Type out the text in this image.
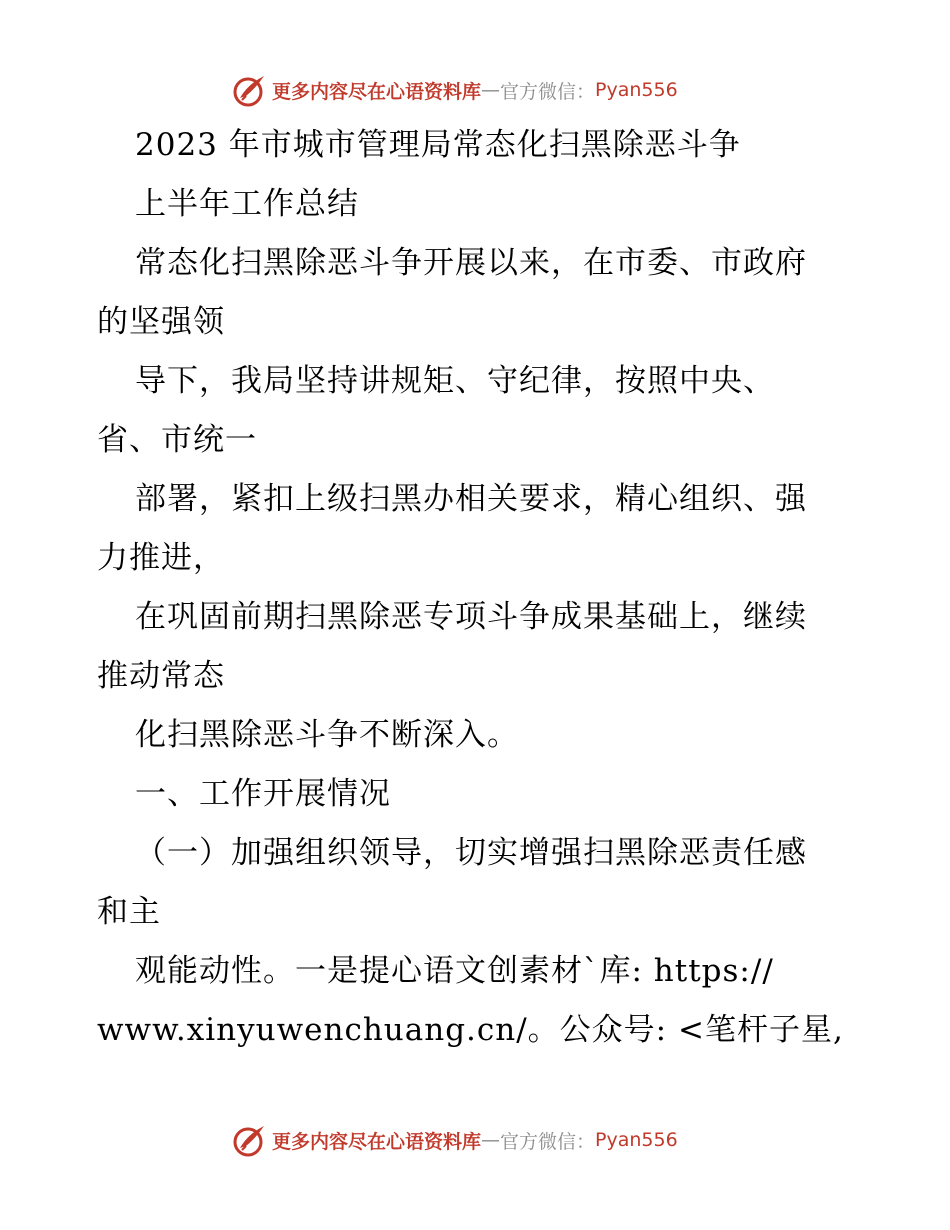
更多内容尽在心语资料库 — 官方微信： Pyan556
2023 年市城市管理局常态化扫黑除恶斗争
上半年工作总结
常态化扫黑除恶斗争开展以来，在市委、市政府
的坚强领
导下，我局坚持讲规矩、守纪律，按照中央、
省、市统一
部署，紧扣上级扫黑办相关要求，精心组织、强
力推进，
在巩固前期扫黑除恶专项斗争成果基础上，继续
推动常态
化扫黑除恶斗争不断深入。
一、工作开展情况
（一）加强组织领导，切实增强扫黑除恶责任感
和主
观能动性。一是提心语文创素材`库: https://
www.xinyuwenchuang.cn/。公众号: <笔杆子星,
更多内容尽在心语资料库 — 官方微信： Pyan556
